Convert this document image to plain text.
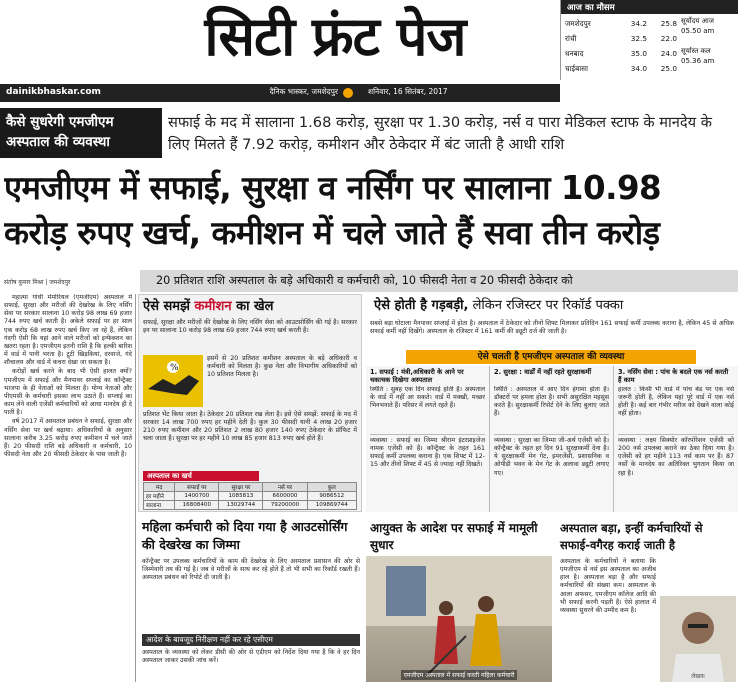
सिटी फ्रंट पेज
dainikbhaskar.com	दैनिक भास्कर, जमशेदपुर	शनिवार, 16 सितंबर, 2017
आज का मौसम
जमशेदपुर	34.2	25.8
रांची	32.5	22.0
धनबाद	35.0	24.0
चाईबासा	34.0	25.0
सूर्योदय आज
05.50 am
सूर्यास्त कल
05.36 am
कैसे सुधरेगी एमजीएम अस्पताल की व्यवस्था
सफाई के मद में सालाना 1.68 करोड़, सुरक्षा पर 1.30 करोड़, नर्स व पारा मेडिकल स्टाफ के मानदेय के लिए मिलते हैं 7.92 करोड़, कमीशन और ठेकेदार में बंट जाती है आधी राशि
एमजीएम में सफाई, सुरक्षा व नर्सिंग पर सालाना 10.98 करोड़ रुपए खर्च, कमीशन में चले जाते हैं सवा तीन करोड़
संतोष कुमार मिश्रा | जमशेदपुर	20 प्रतिशत राशि अस्पताल के बड़े अधिकारी व कर्मचारी को, 10 फीसदी नेता व 20 फीसदी ठेकेदार को

महात्मा गांधी मेमोरियल (एमजीएम) अस्पताल में सफाई, सुरक्षा और मरीजों की देखरेख के लिए नर्सिंग सेवा पर सरकार सालाना 10 करोड़ 98 लाख 69 हजार 744 रुपए खर्च करती है। अकेले सफाई पर हर साल एक करोड़ 68 लाख रुपए खर्च किए जा रहे हैं, लेकिन गंदगी ऐसी कि यहां आने वाले मरीजों को इन्फेक्शन का खतरा रहता है। एमजीएम इतनी राशि है कि हल्की बारिश में वार्ड में पानी भरता है। टूटी खिड़कियां, दरवाजे, गंदे शौचालय और वार्ड में कचरा देखा जा सकता है।

करोड़ों खर्च करने के बाद भी ऐसी हालत क्यों? एमजीएम में सफाई और मैनपावर सप्लाई का कॉन्ट्रैक्ट भाजपा के ही नेताओं को मिलता है। योग्य नेताओं और पीएमसी के कर्मचारी इसका लाभ उठाते हैं। सप्लाई का काम लेने वाली एजेंसी कर्मचारियों को आधा मानदेय ही दे पाती है।

वर्ष 2017 में अस्पताल प्रबंधन ने सफाई, सुरक्षा और नर्सिंग सेवा पर खर्च बढ़ाया। अधिकारियों के अनुसार सालाना करीब 3.25 करोड़ रुपए कमीशन में चले जाते हैं। 20 फीसदी राशि बड़े अधिकारी व कर्मचारी, 10 फीसदी नेता और 20 फीसदी ठेकेदार के पास जाती है।

ऐसे समझें कमीशन का खेल
सफाई, सुरक्षा और मरीजों की देखरेख के लिए नर्सिंग सेवा को आउटसोर्सिंग की गई है। सरकार इन पर सालाना 10 करोड़ 98 लाख 69 हजार 744 रुपए खर्च करती है।
%
इसमें से 20 प्रतिशत कमीशन अस्पताल के बड़े अधिकारी व कर्मचारी को मिलता है। कुछ नेता और विभागीय अधिकारियों को 10 प्रतिशत मिलता है।
प्रतिशत भेंट किया जाता है। ठेकेदार 20 प्रतिशत रख लेता है। इसे ऐसे समझें: सफाई के मद में सरकार 14 लाख 700 रुपए हर महीने देती है। कुल 30 फीसदी यानी 4 लाख 20 हजार 210 रुपए कमीशन और 20 प्रतिशत 2 लाख 80 हजार 140 रुपए ठेकेदार के प्रॉफिट में चला जाता है। सुरक्षा पर हर महीने 10 लाख 85 हजार 813 रुपए खर्च होते हैं।
अस्पताल का खर्च
मद	सफाई पर	सुरक्षा पर	नर्स पर	कुल
हर महीने	1400700	1085813	6600000	9086512
सालाना	16808400	13029744	79200000	109869744
ऐसे होती है गड़बड़ी, लेकिन रजिस्टर पर रिकॉर्ड पक्का
सबसे बड़ा घोटाला मैनपावर सप्लाई में होता है। अस्पताल में ठेकेदार को तीनों शिफ्ट मिलाकर प्रतिदिन 161 सफाई कर्मी उपलब्ध कराना है, लेकिन 45 से अधिक सफाई कर्मी नहीं दिखेंगे। अस्पताल के रजिस्टर में 161 कर्मी की ड्यूटी दर्ज की जाती है।
ऐसे चलती है एमजीएम अस्पताल की व्यवस्था
1. सफाई : मंत्री,अधिकारी के आने पर चकाचक दिखेगा अस्पताल
स्थिति : सुबह एक दिन सफाई होती है। अस्पताल के वार्ड में नहीं आ सकते। वार्ड में मक्खी, मच्छर भिनभनाते हैं। परिसर में लगते रहते हैं।
व्यवस्था : सफाई का जिम्मा श्रीराम इंटरप्राइजेज नामक एजेंसी को है। कॉन्ट्रैक्ट के तहत 161 सफाई कर्मी उपलब्ध कराना है। एक शिफ्ट में 12-15 और तीनों शिफ्ट में 45 से ज्यादा नहीं दिखते।
2. सुरक्षा : वार्डों में नहीं रहते सुरक्षाकर्मी
स्थिति : अस्पताल में आए दिन हंगामा होता है। डॉक्टरों पर हमला होता है। सभी असुरक्षित महसूस करते हैं। सुरक्षाकर्मी रिपोर्ट देने के लिए बुलाए जाते हैं।
व्यवस्था : सुरक्षा का जिम्मा जी-अर्थ एजेंसी को है। कॉन्ट्रैक्ट के तहत हर दिन 91 सुरक्षाकर्मी देना है। ये सुरक्षाकर्मी मेन गेट, इमरजेंसी, प्रशासनिक व ओपीडी भवन के मेन गेट के अलावा ड्यूटी लगाए गए।
3. नर्सिंग सेवा : पांच के बदले एक नर्स करती हैं काम
हालत : किसी भी वार्ड में पांच बेड पर एक नर्स जरूरी होती है, लेकिन यहां पूरे वार्ड में एक नर्स होती है। कई बार गंभीर मरीज को देखने वाला कोई नहीं होता।
व्यवस्था : लक्ष्य सिक्योर कॉरपोरेशन एजेंसी को 200 नर्स उपलब्ध कराने का ठेका दिया गया है। एजेंसी को हर महीने 113 नर्स काम पर हैं। 87 नर्सों के मानदेय का अतिरिक्त भुगतान किया जा रहा है।
महिला कर्मचारी को दिया गया है आउटसोर्सिंग की देखरेख का जिम्मा
कॉन्ट्रैक्ट पर उपलब्ध कर्मचारियों के काम की देखरेख के लिए अस्पताल प्रशासन की ओर से जिम्मेवारी तय की गई है। जब वे मरीजों के साथ कर रहे होते हैं तो भी सभी का रिकॉर्ड रखती हैं। अस्पताल प्रबंधन को रिपोर्ट दी जाती है।
आदेश के बावजूद निरीक्षण नहीं कर रहे एसीएम
अस्पताल के व्यवस्था को लेकर डीसी की ओर से एडीएम को निर्देश दिया गया है कि वे हर दिन अस्पताल जाकर उसकी जांच करें।
आयुक्त के आदेश पर सफाई में मामूली सुधार
एमजीएम अस्पताल में सफाई करती महिला कर्मचारी
अस्पताल बड़ा, इन्हीं कर्मचारियों से सफाई-वगैरह कराई जाती है
अस्पताल के कर्मचारियों ने बताया कि एमजीएम से नर्स इस अस्पताल का अजीब हाल है। अस्पताल बड़ा है और सफाई कर्मचारियों की संख्या कम। अस्पताल के आला अफसर, एमजीएम कॉलेज आदि की भी सफाई करनी पड़ती है। ऐसे हालात में व्यवस्था सुधरने की उम्मीद कम है।
लेखक
